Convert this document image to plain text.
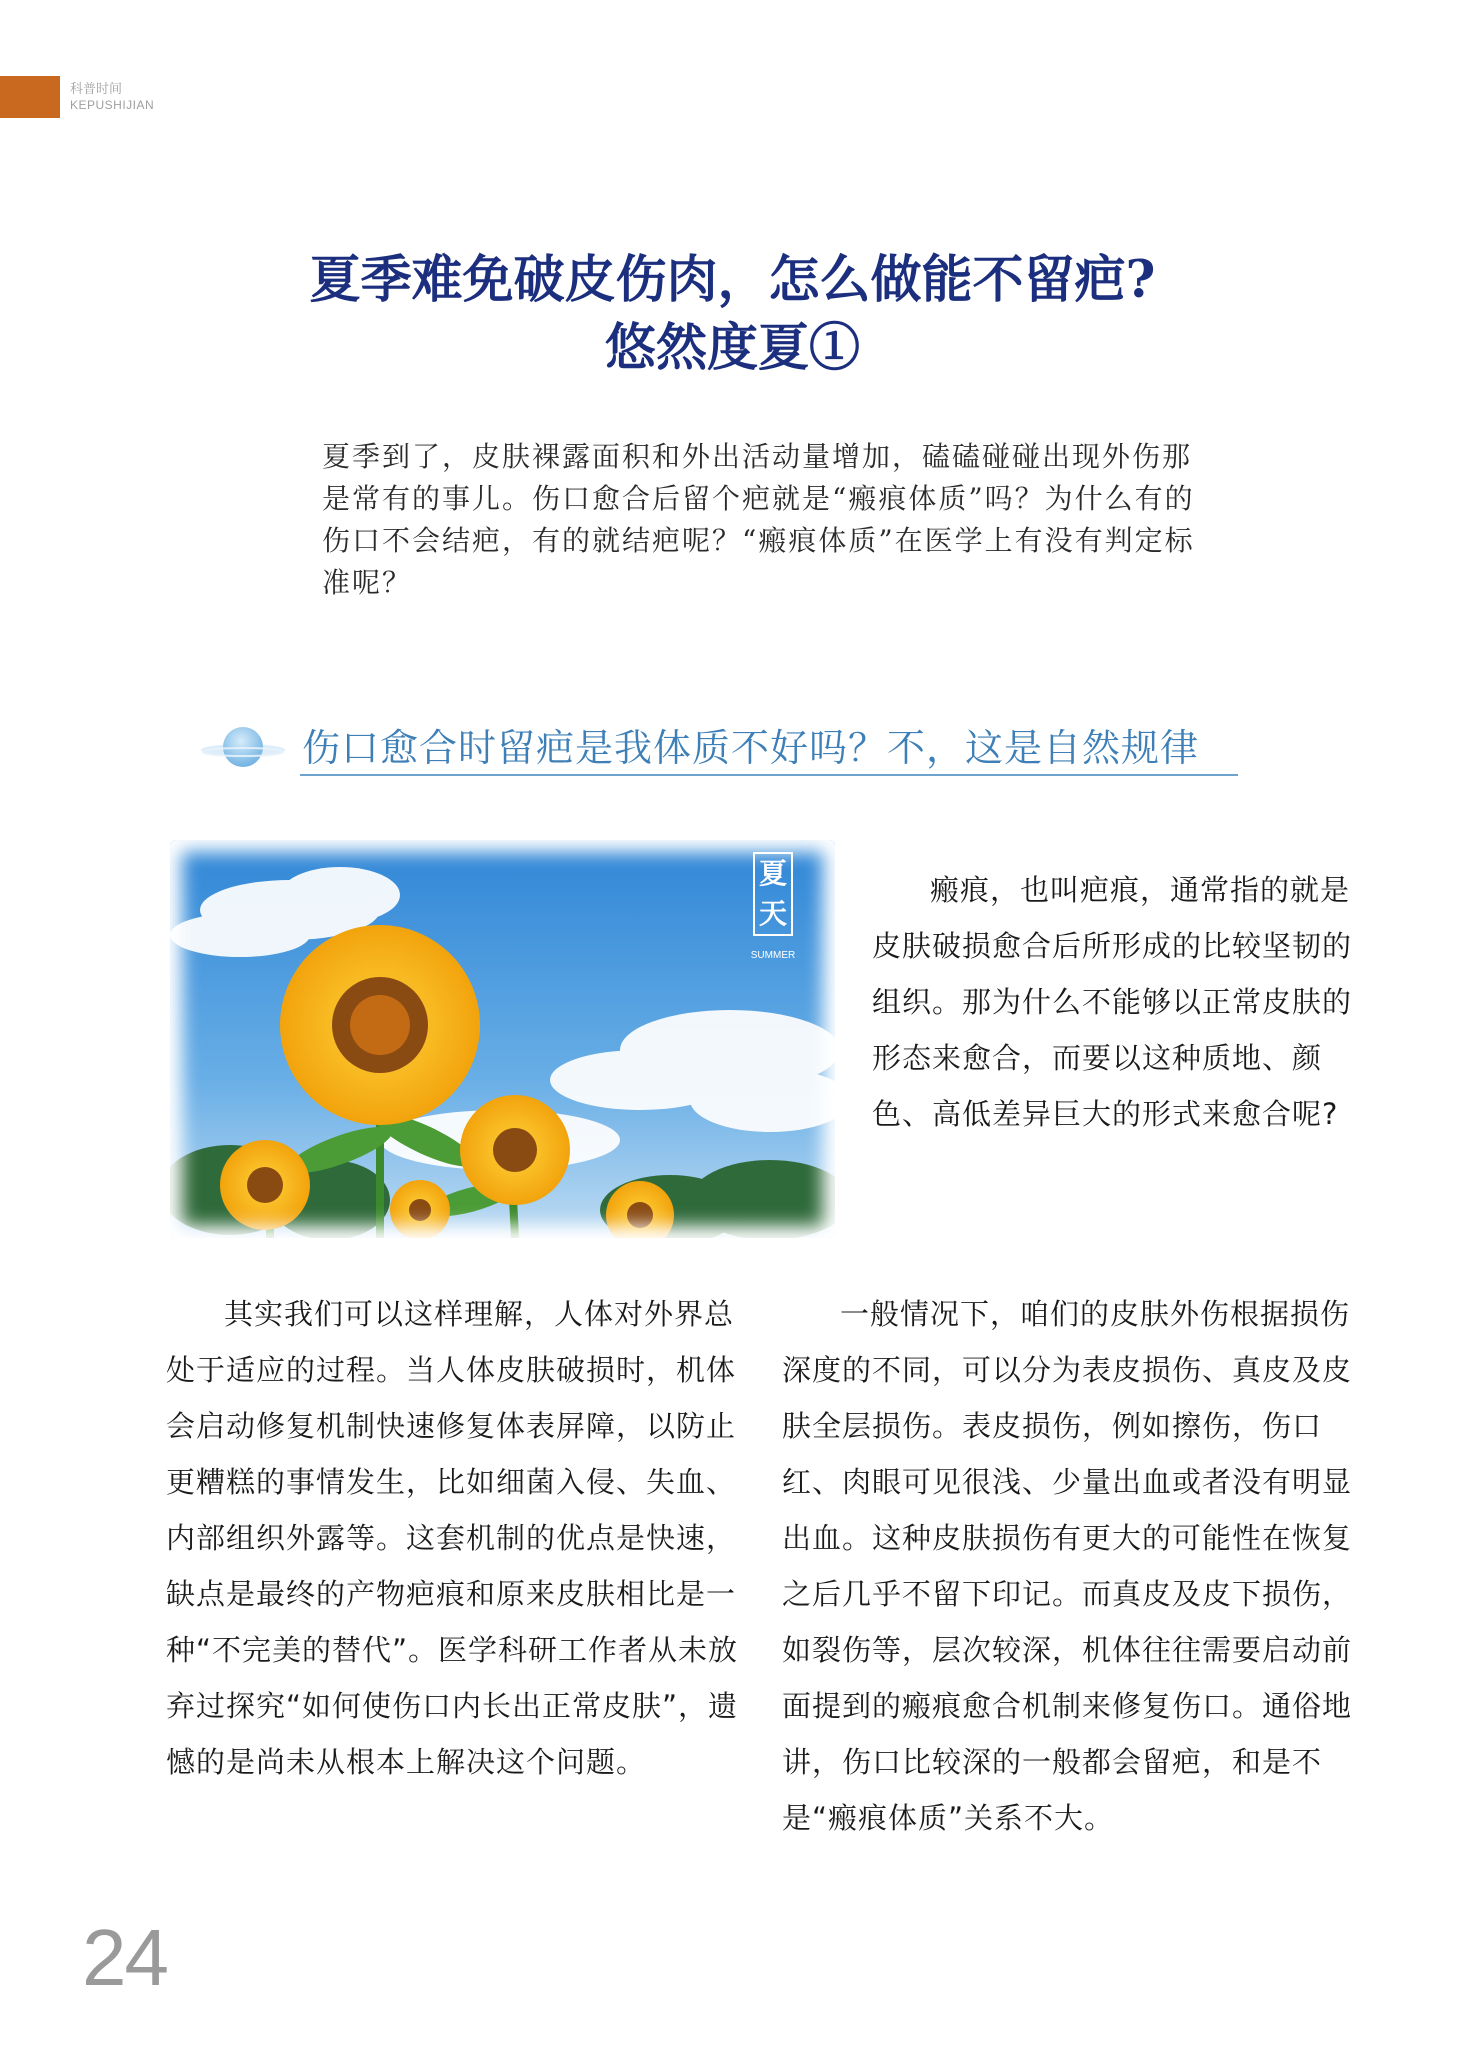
科普时间
KEPUSHIJIAN
夏季难免破皮伤肉，怎么做能不留疤?
悠然度夏①
夏季到了，皮肤裸露面积和外出活动量增加，磕磕碰碰出现外伤那是常有的事儿。伤口愈合后留个疤就是“瘢痕体质”吗？为什么有的伤口不会结疤，有的就结疤呢？“瘢痕体质”在医学上有没有判定标准呢？
伤口愈合时留疤是我体质不好吗？不，这是自然规律
夏
天
SUMMER
瘢痕，也叫疤痕，通常指的就是皮肤破损愈合后所形成的比较坚韧的组织。那为什么不能够以正常皮肤的形态来愈合，而要以这种质地、颜色、高低差异巨大的形式来愈合呢?
其实我们可以这样理解，人体对外界总处于适应的过程。当人体皮肤破损时，机体会启动修复机制快速修复体表屏障，以防止更糟糕的事情发生，比如细菌入侵、失血、内部组织外露等。这套机制的优点是快速，缺点是最终的产物疤痕和原来皮肤相比是一种“不完美的替代”。医学科研工作者从未放弃过探究“如何使伤口内长出正常皮肤”，遗憾的是尚未从根本上解决这个问题。
一般情况下，咱们的皮肤外伤根据损伤深度的不同，可以分为表皮损伤、真皮及皮肤全层损伤。表皮损伤，例如擦伤，伤口红、肉眼可见很浅、少量出血或者没有明显出血。这种皮肤损伤有更大的可能性在恢复之后几乎不留下印记。而真皮及皮下损伤，如裂伤等，层次较深，机体往往需要启动前面提到的瘢痕愈合机制来修复伤口。通俗地讲，伤口比较深的一般都会留疤，和是不是“瘢痕体质”关系不大。
24
